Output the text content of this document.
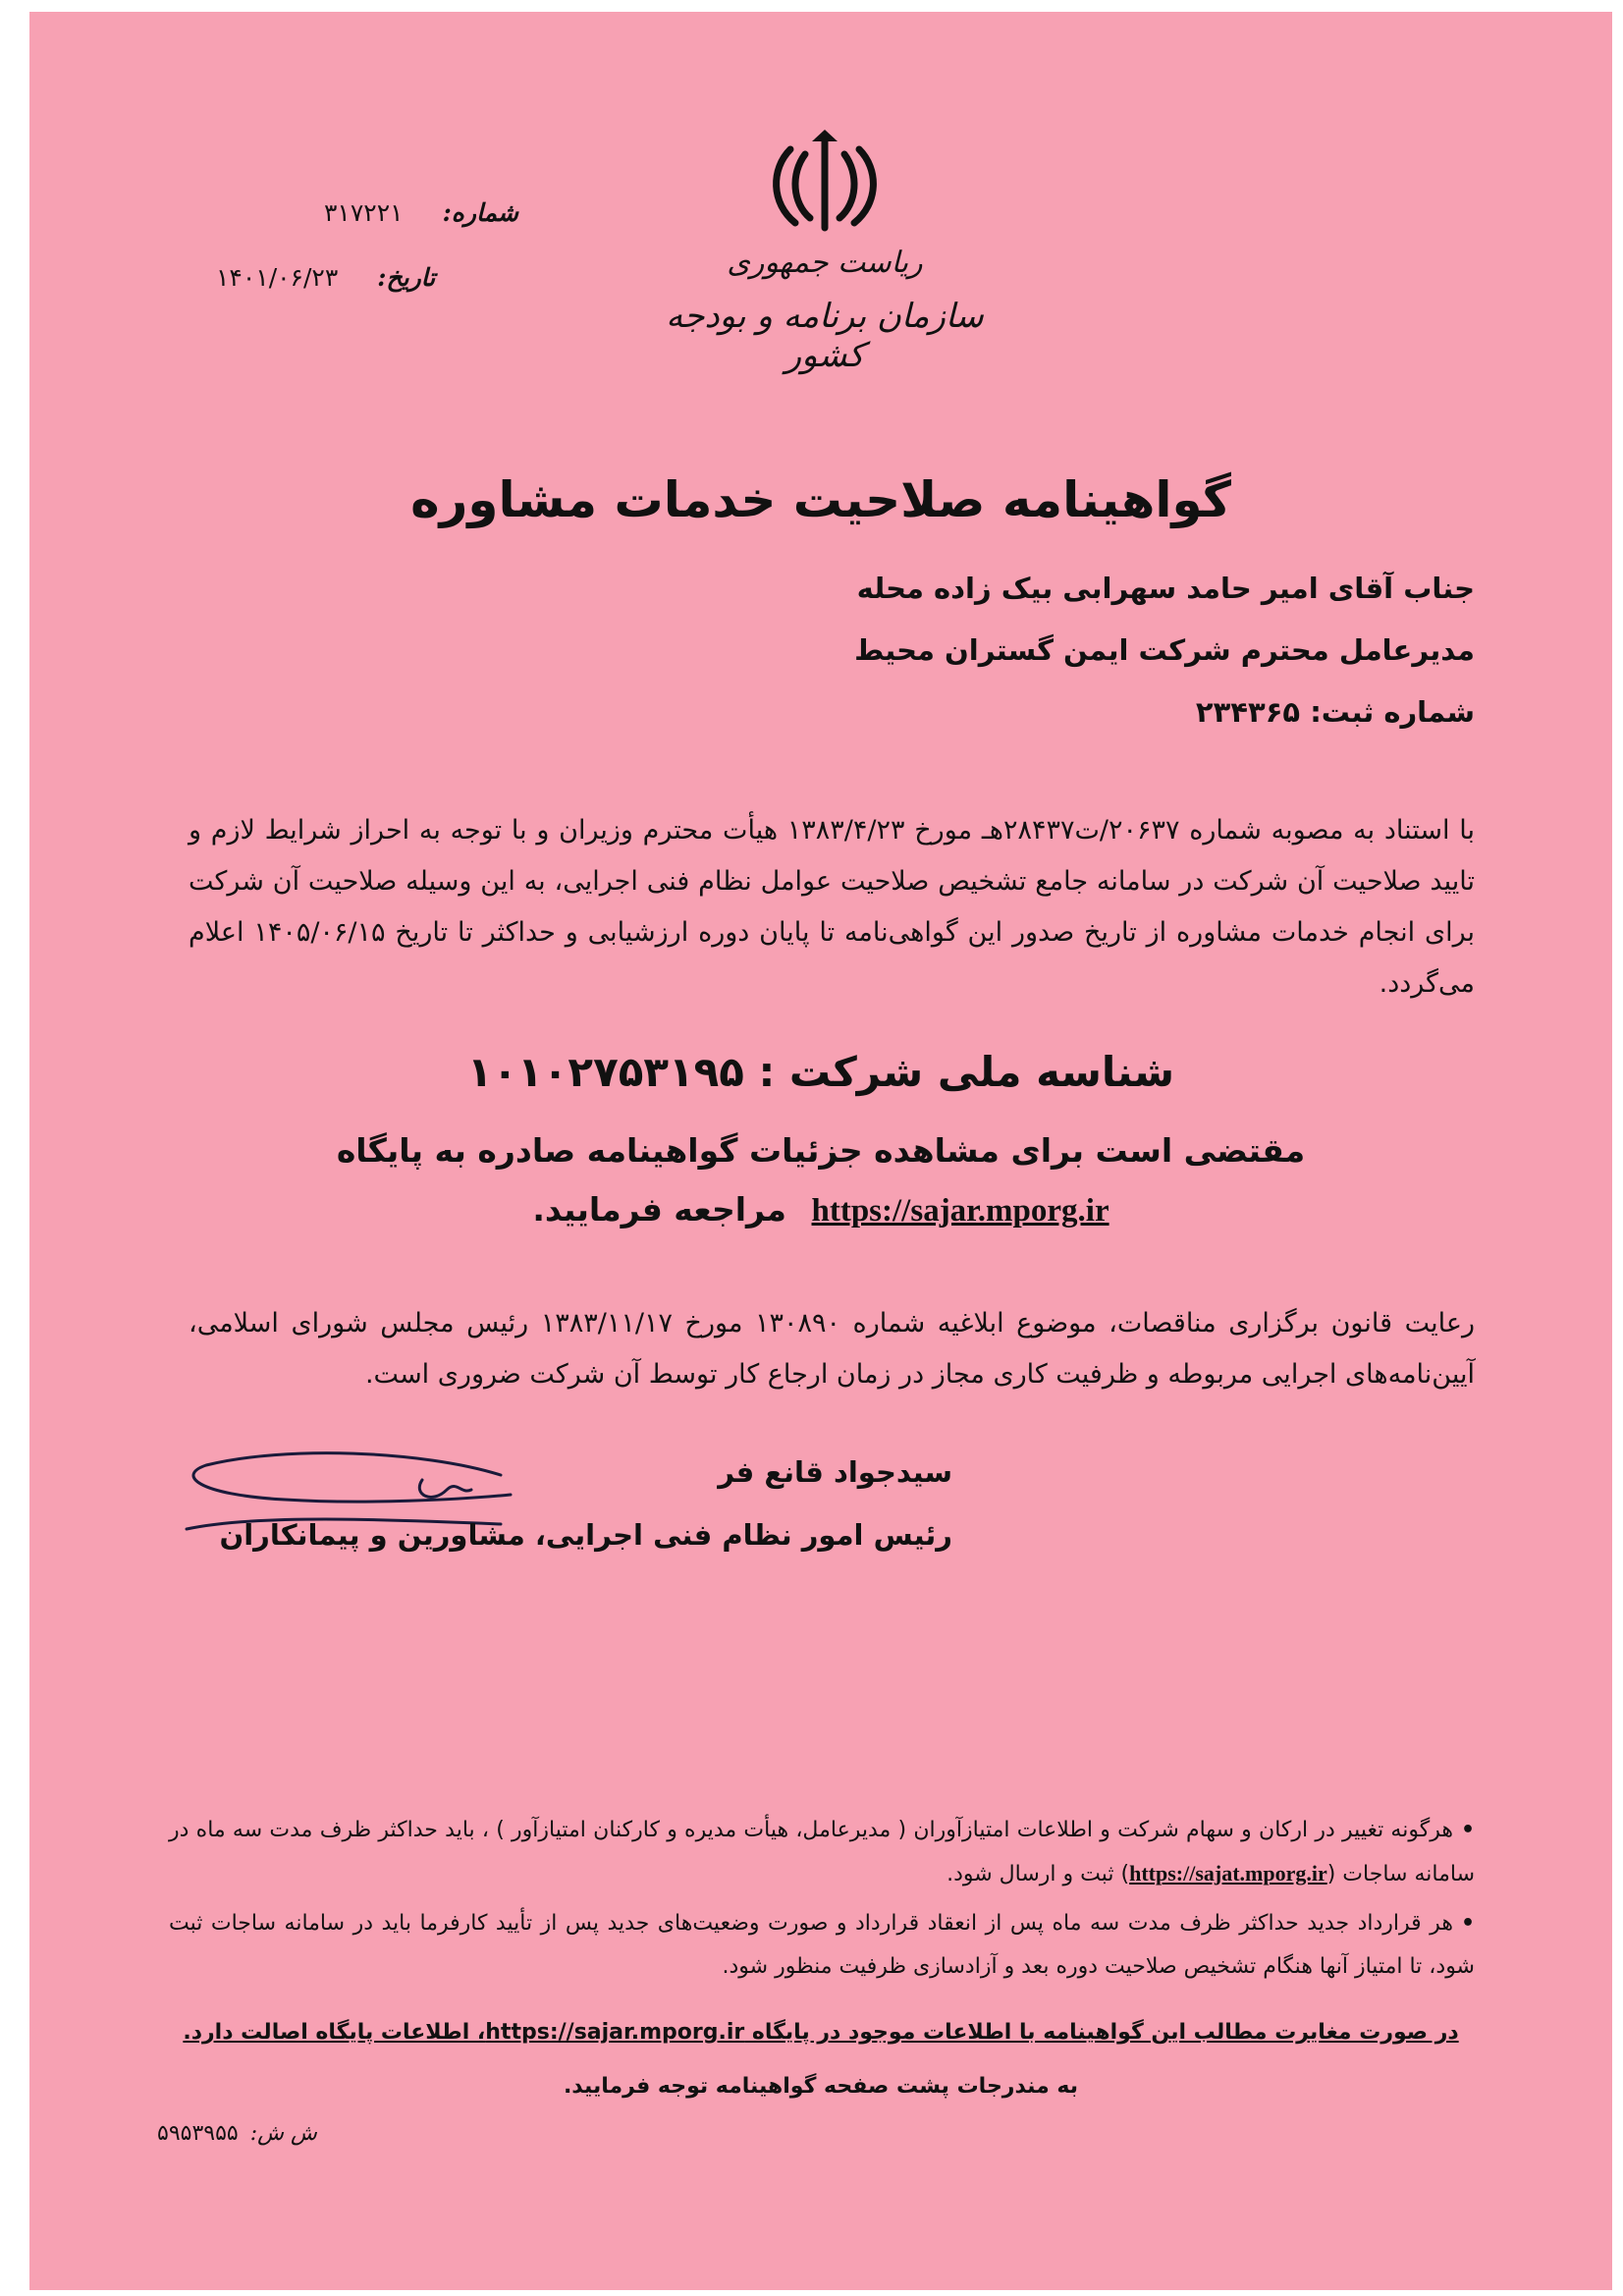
ریاست جمهوری
سازمان برنامه و بودجه کشور
شماره:
۳۱۷۲۲۱
تاریخ:
۱۴۰۱/۰۶/۲۳
گواهینامه صلاحیت خدمات مشاوره
جناب آقای امیر حامد سهرابی بیک زاده محله
مدیرعامل محترم شرکت ایمن گستران محیط
شماره ثبت: ۲۳۴۳۶۵
با استناد به مصوبه شماره ۲۰۶۳۷/ت۲۸۴۳۷هـ مورخ ۱۳۸۳/۴/۲۳ هیأت محترم وزیران و با توجه به احراز شرایط لازم و تایید صلاحیت آن شرکت در سامانه جامع تشخیص صلاحیت عوامل نظام فنی اجرایی، به این وسیله صلاحیت آن شرکت برای انجام خدمات مشاوره از تاریخ صدور این گواهی‌نامه تا پایان دوره ارزشیابی و حداکثر تا تاریخ ۱۴۰۵/۰۶/۱۵ اعلام می‌گردد.
شناسه ملی شرکت : ۱۰۱۰۲۷۵۳۱۹۵
مقتضی است برای مشاهده جزئیات گواهینامه صادره به پایگاه
https://sajar.mporg.ir مراجعه فرمایید.
رعایت قانون برگزاری مناقصات، موضوع ابلاغیه شماره ۱۳۰۸۹۰ مورخ ۱۳۸۳/۱۱/۱۷ رئیس مجلس شورای اسلامی، آیین‌نامه‌های اجرایی مربوطه و ظرفیت کاری مجاز در زمان ارجاع کار توسط آن شرکت ضروری است.
سیدجواد قانع فر
رئیس امور نظام فنی اجرایی، مشاورین و پیمانکاران
•هرگونه تغییر در ارکان و سهام شرکت و اطلاعات امتیازآوران ( مدیرعامل، هیأت مدیره و کارکنان امتیازآور ) ، باید حداکثر ظرف مدت سه ماه در سامانه ساجات (https://sajat.mporg.ir) ثبت و ارسال شود.
•هر قرارداد جدید حداکثر ظرف مدت سه ماه پس از انعقاد قرارداد و صورت وضعیت‌های جدید پس از تأیید کارفرما باید در سامانه ساجات ثبت شود، تا امتیاز آنها هنگام تشخیص صلاحیت دوره بعد و آزادسازی ظرفیت منظور شود.
در صورت مغایرت مطالب این گواهینامه با اطلاعات موجود در پایگاه https://sajar.mporg.ir، اطلاعات پایگاه اصالت دارد.
به مندرجات پشت صفحه گواهینامه توجه فرمایید.
ش ش:
۵۹۵۳۹۵۵
